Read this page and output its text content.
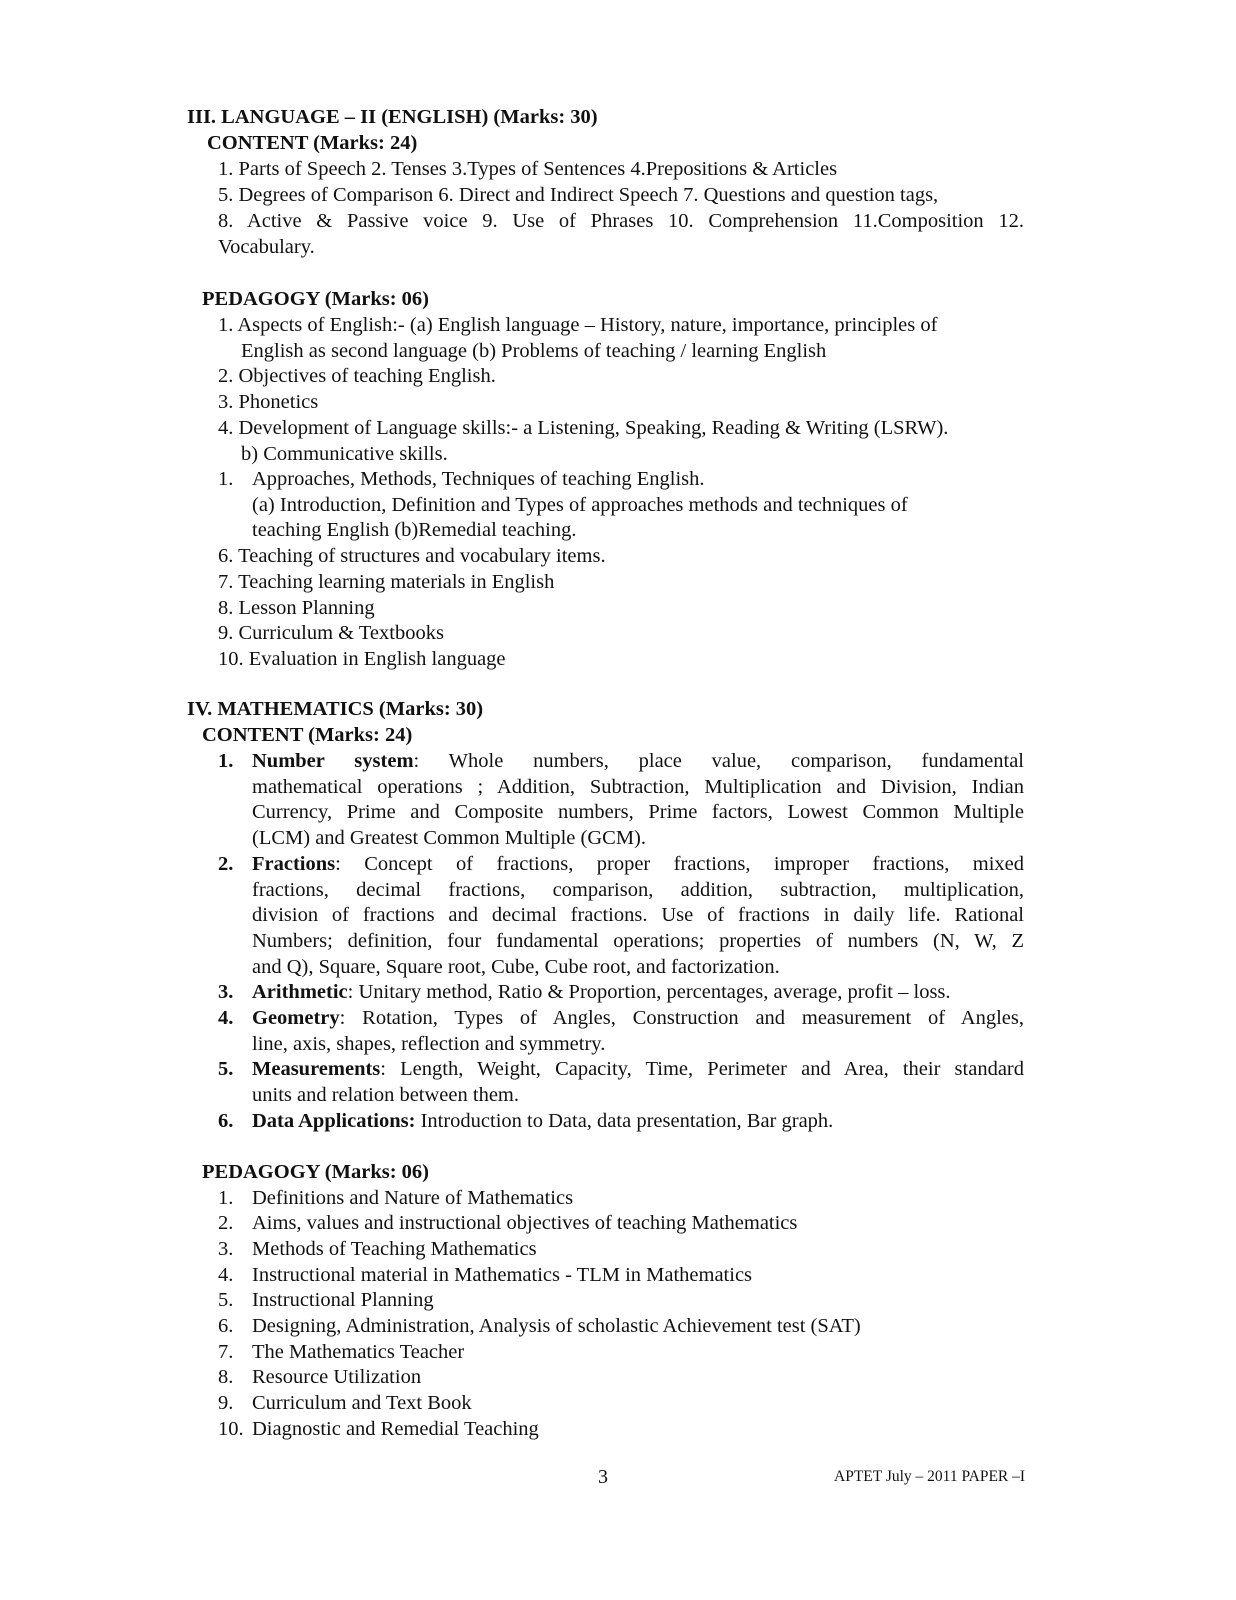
III. LANGUAGE – II (ENGLISH) (Marks: 30)
CONTENT (Marks: 24)
1. Parts of Speech 2. Tenses 3.Types of Sentences 4.Prepositions & Articles
5. Degrees of Comparison 6. Direct and Indirect Speech 7. Questions and question tags,
8. Active & Passive voice 9. Use of Phrases 10. Comprehension 11.Composition 12.
Vocabulary.
PEDAGOGY (Marks: 06)
1. Aspects of English:- (a) English language – History, nature, importance, principles of
English as second language (b) Problems of teaching / learning English
2. Objectives of teaching English.
3. Phonetics
4. Development of Language skills:- a Listening, Speaking, Reading & Writing (LSRW).
b) Communicative skills.
1. Approaches, Methods, Techniques of teaching English.
(a) Introduction, Definition and Types of approaches methods and techniques of
teaching English (b)Remedial teaching.
6. Teaching of structures and vocabulary items.
7. Teaching learning materials in English
8. Lesson Planning
9. Curriculum & Textbooks
10. Evaluation in English language
IV. MATHEMATICS (Marks: 30)
CONTENT (Marks: 24)
1. Number system: Whole numbers, place value, comparison, fundamental
mathematical operations ; Addition, Subtraction, Multiplication and Division, Indian
Currency, Prime and Composite numbers, Prime factors, Lowest Common Multiple
(LCM) and Greatest Common Multiple (GCM).
2. Fractions: Concept of fractions, proper fractions, improper fractions, mixed
fractions, decimal fractions, comparison, addition, subtraction, multiplication,
division of fractions and decimal fractions. Use of fractions in daily life. Rational
Numbers; definition, four fundamental operations; properties of numbers (N, W, Z
and Q), Square, Square root, Cube, Cube root, and factorization.
3. Arithmetic: Unitary method, Ratio & Proportion, percentages, average, profit – loss.
4. Geometry: Rotation, Types of Angles, Construction and measurement of Angles,
line, axis, shapes, reflection and symmetry.
5. Measurements: Length, Weight, Capacity, Time, Perimeter and Area, their standard
units and relation between them.
6. Data Applications: Introduction to Data, data presentation, Bar graph.
PEDAGOGY (Marks: 06)
1. Definitions and Nature of Mathematics
2. Aims, values and instructional objectives of teaching Mathematics
3. Methods of Teaching Mathematics
4. Instructional material in Mathematics - TLM in Mathematics
5. Instructional Planning
6. Designing, Administration, Analysis of scholastic Achievement test (SAT)
7. The Mathematics Teacher
8. Resource Utilization
9. Curriculum and Text Book
10. Diagnostic and Remedial Teaching
3	APTET July – 2011 PAPER –I
